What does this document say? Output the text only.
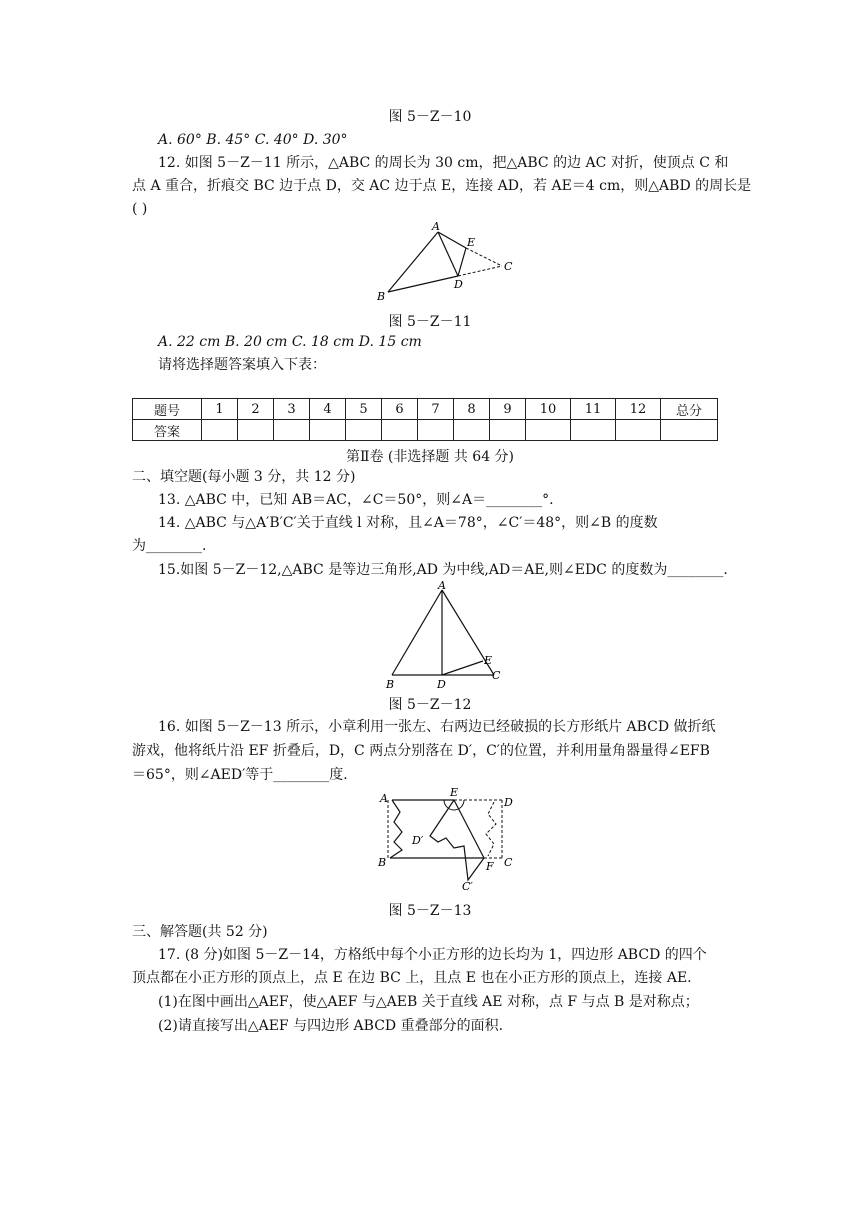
图 5－Z－10
A. 60° B. 45° C. 40° D. 30°
12. 如图 5－Z－11 所示，△ABC 的周长为 30 cm，把△ABC 的边 AC 对折，使顶点 C 和
点 A 重合，折痕交 BC 边于点 D，交 AC 边于点 E，连接 AD，若 AE＝4 cm，则△ABD 的周长是
( )
A
B
C
D
E
图 5－Z－11
A. 22 cm B. 20 cm C. 18 cm D. 15 cm
请将选择题答案填入下表：
题号	1	2	3	4	5	6	7	8	9	10	11	12	总分
答案													
第Ⅱ卷 (非选择题 共 64 分)
二、填空题(每小题 3 分，共 12 分)
13. △ABC 中，已知 AB＝AC，∠C＝50°，则∠A＝________°.
14. △ABC 与△A′B′C′关于直线 l 对称，且∠A＝78°，∠C′＝48°，则∠B 的度数
为________.
15.如图 5－Z－12,△ABC 是等边三角形,AD 为中线,AD＝AE,则∠EDC 的度数为________.
A
B
C
D
E
图 5－Z－12
16. 如图 5－Z－13 所示，小章利用一张左、右两边已经破损的长方形纸片 ABCD 做折纸
游戏，他将纸片沿 EF 折叠后，D，C 两点分别落在 D′，C′的位置，并利用量角器量得∠EFB
＝65°，则∠AED′等于________度.
A
B
D
C
E
F
D′
C′
图 5－Z－13
三、解答题(共 52 分)
17. (8 分)如图 5－Z－14，方格纸中每个小正方形的边长均为 1，四边形 ABCD 的四个
顶点都在小正方形的顶点上，点 E 在边 BC 上，且点 E 也在小正方形的顶点上，连接 AE.
(1)在图中画出△AEF，使△AEF 与△AEB 关于直线 AE 对称，点 F 与点 B 是对称点；
(2)请直接写出△AEF 与四边形 ABCD 重叠部分的面积.
